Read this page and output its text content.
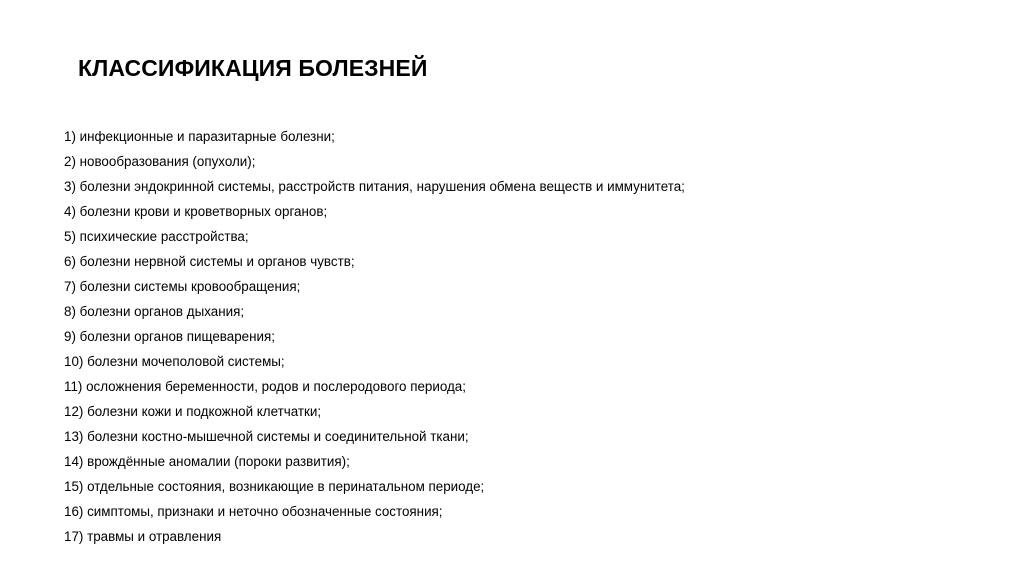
КЛАССИФИКАЦИЯ БОЛЕЗНЕЙ
1) инфекционные и паразитарные болезни;
2) новообразования (опухоли);
3) болезни эндокринной системы, расстройств питания, нарушения обмена веществ и иммунитета;
4) болезни крови и кроветворных органов;
5) психические расстройства;
6) болезни нервной системы и органов чувств;
7) болезни системы кровообращения;
8) болезни органов дыхания;
9) болезни органов пищеварения;
10) болезни мочеполовой системы;
11) осложнения беременности, родов и послеродового периода;
12) болезни кожи и подкожной клетчатки;
13) болезни костно-мышечной системы и соединительной ткани;
14) врождённые аномалии (пороки развития);
15) отдельные состояния, возникающие в перинатальном периоде;
16) симптомы, признаки и неточно обозначенные состояния;
17) травмы и отравления
